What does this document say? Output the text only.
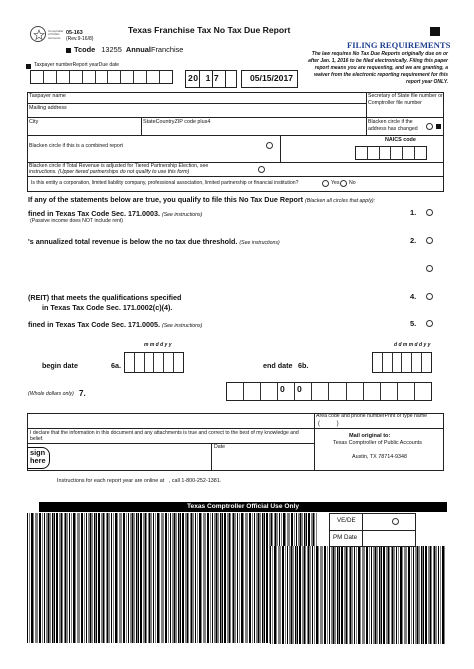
Comptroller of Public Accounts
05-163
(Rev.9-16/8)
Texas Franchise Tax No Tax Due Report
Tcode 13255 AnnualFranchise	FILING REQUIREMENTS
The law requires No Tax Due Reports originally due on or after Jan. 1, 2016 to be filed electronically. Filing this paper report means you are requesting, and we are granting, a waiver from the electronic reporting requirement for this report year ONLY.
Taxpayer numberReport yearDue date
20 1 7	05/15/2017
Taxpayer name
Mailing address
City	StateCountryZIP code plus4
Secretary of State file number or Comptroller file number
Blacken circle if the address has changed
Blacken circle if this is a combined report
NAICS code
Blacken circle if Total Revenue is adjusted for Tiered Partnership Election, see
instructions. (Upper tiered partnerships do not qualify to use this form)
Is this entity a corporation, limited liability company, professional association, limited partnership or financial institution?	Yes No
If any of the statements below are true, you qualify to file this No Tax Due Report (Blacken all circles that apply):
fined in Texas Tax Code Sec. 171.0003. (See instructions)
(Passive income does NOT include rent)
1.
's annualized total revenue is below the no tax due threshold. (See instructions)	2.
(REIT) that meets the qualifications specified
in Texas Tax Code Sec. 171.0002(c)(4).
4.
fined in Texas Tax Code Sec. 171.0005. (See instructions)	5.
m m d d y y	d d m m d d y y
begin date	6a.	end date 6b.
(Whole dollars only) 7.	0 0
Area code and phone numberPrint or type name
(          )
I declare that the information in this document and any attachments is true and correct to the best of my knowledge and belief.
Date
sign
here
Mail original to:
Texas Comptroller of Public Accounts
Austin, TX 78714-9348
Instructions for each report year are online at   , call 1-800-252-1381.
Texas Comptroller Official Use Only
VE/DE
PM Date
